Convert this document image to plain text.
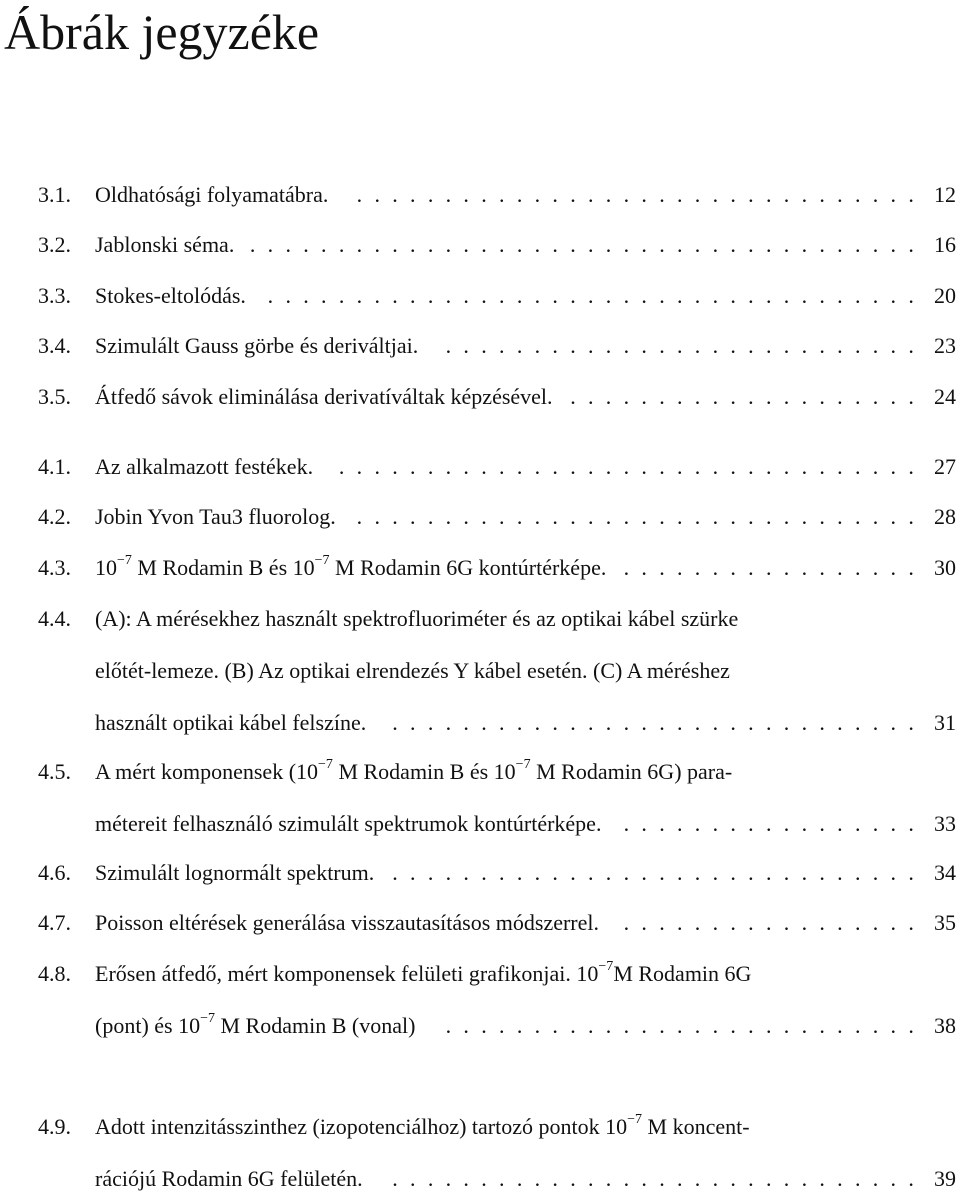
Ábrák jegyzéke
3.1. Oldhatósági folyamatábra. . . . . . . . . . . . . . . . . . . . . . . . . . . . . . . . . 12
3.2. Jablonski séma. . . . . . . . . . . . . . . . . . . . . . . . . . . . . . . . . . . . . . . 16
3.3. Stokes-eltolódás. . . . . . . . . . . . . . . . . . . . . . . . . . . . . . . . . . . . . . 20
3.4. Szimulált Gauss görbe és deriváltjai. . . . . . . . . . . . . . . . . . . . . . . . . . . . 23
3.5. Átfedő sávok eliminálása derivatíváltak képzésével. . . . . . . . . . . . . . . . . . . . . 24
4.1. Az alkalmazott festékek. . . . . . . . . . . . . . . . . . . . . . . . . . . . . . . . . . 27
4.2. Jobin Yvon Tau3 fluorolog. . . . . . . . . . . . . . . . . . . . . . . . . . . . . . . . . 28
4.3. $10^{-7}$ M Rodamin B és $10^{-7}$ M Rodamin 6G kontúrtérképe. . . . . . . . . . . . . . . . . . 30
4.4. (A): A mérésekhez használt spektrofluoriméter és az optikai kábel szürke
előtét-lemeze. (B) Az optikai elrendezés Y kábel esetén. (C) A méréshez
használt optikai kábel felszíne. . . . . . . . . . . . . . . . . . . . . . . . . . . . . . . 31
4.5. A mért komponensek ($10^{-7}$ M Rodamin B és $10^{-7}$ M Rodamin 6G) para-
métereit felhasználó szimulált spektrumok kontúrtérképe. . . . . . . . . . . . . . . . . . 33
4.6. Szimulált lognormált spektrum. . . . . . . . . . . . . . . . . . . . . . . . . . . . . . . 34
4.7. Poisson eltérések generálása visszautasításos módszerrel. . . . . . . . . . . . . . . . . . 35
4.8. Erősen átfedő, mért komponensek felületi grafikonjai. $10^{-7}M$ Rodamin 6G
(pont) és $10^{-7}$ M Rodamin B (vonal) . . . . . . . . . . . . . . . . . . . . . . . . . . . 38
4.9. Adott intenzitásszinthez (izopotenciálhoz) tartozó pontok $10^{-7}$ M koncent-
rációjú Rodamin 6G felületén. . . . . . . . . . . . . . . . . . . . . . . . . . . . . . . 39
